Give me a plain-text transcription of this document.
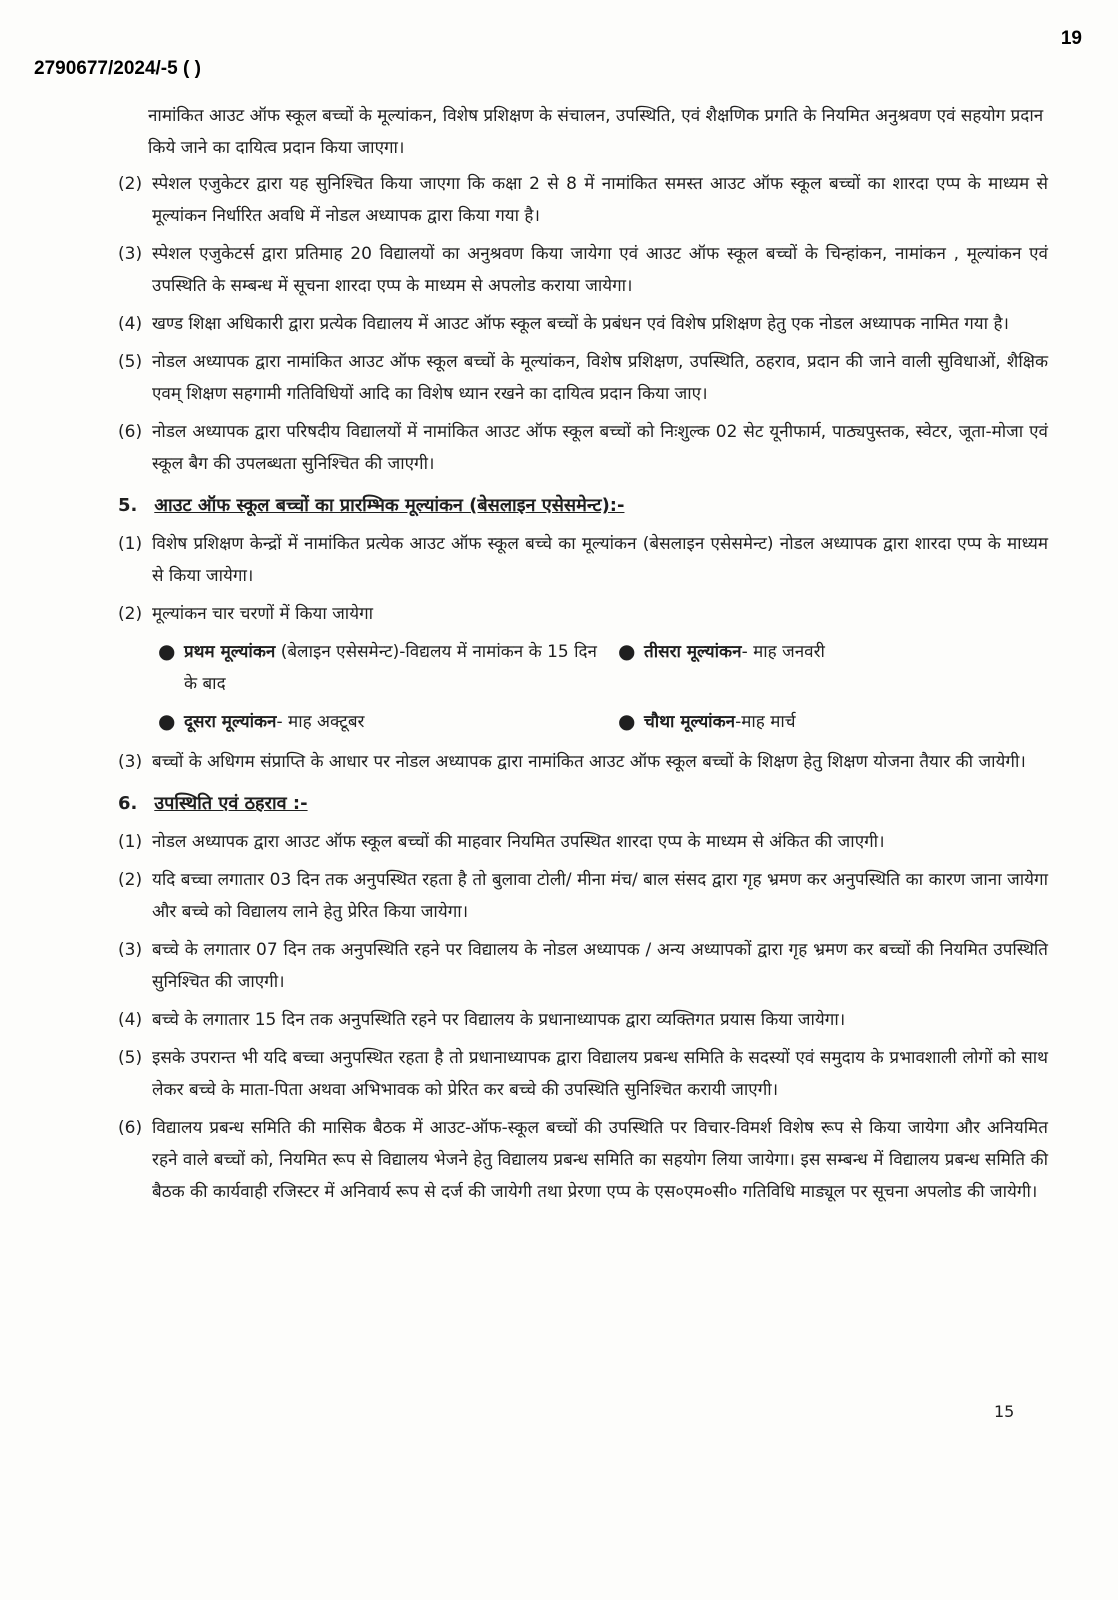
19
2790677/2024/-5 ( )

नामांकित आउट ऑफ स्कूल बच्चों के मूल्यांकन, विशेष प्रशिक्षण के संचालन, उपस्थिति, एवं शैक्षणिक प्रगति के नियमित अनुश्रवण एवं सहयोग प्रदान किये जाने का दायित्व प्रदान किया जाएगा।

(2) स्पेशल एजुकेटर द्वारा यह सुनिश्चित किया जाएगा कि कक्षा 2 से 8 में नामांकित समस्त आउट ऑफ स्कूल बच्चों का शारदा एप्प के माध्यम से मूल्यांकन निर्धारित अवधि में नोडल अध्यापक द्वारा किया गया है।
(3) स्पेशल एजुकेटर्स द्वारा प्रतिमाह 20 विद्यालयों का अनुश्रवण किया जायेगा एवं आउट ऑफ स्कूल बच्चों के चिन्हांकन, नामांकन , मूल्यांकन एवं उपस्थिति के सम्बन्ध में सूचना शारदा एप्प के माध्यम से अपलोड कराया जायेगा।
(4) खण्ड शिक्षा अधिकारी द्वारा प्रत्येक विद्यालय में आउट ऑफ स्कूल बच्चों के प्रबंधन एवं विशेष प्रशिक्षण हेतु एक नोडल अध्यापक नामित गया है।
(5) नोडल अध्यापक द्वारा नामांकित आउट ऑफ स्कूल बच्चों के मूल्यांकन, विशेष प्रशिक्षण, उपस्थिति, ठहराव, प्रदान की जाने वाली सुविधाओं, शैक्षिक एवम् शिक्षण सहगामी गतिविधियों आदि का विशेष ध्यान रखने का दायित्व प्रदान किया जाए।
(6) नोडल अध्यापक द्वारा परिषदीय विद्यालयों में नामांकित आउट ऑफ स्कूल बच्चों को निःशुल्क 02 सेट यूनीफार्म, पाठ्यपुस्तक, स्वेटर, जूता-मोजा एवं स्कूल बैग की उपलब्धता सुनिश्चित की जाएगी।
5. आउट ऑफ स्कूल बच्चों का प्रारम्भिक मूल्यांकन (बेसलाइन एसेसमेन्ट):-
(1) विशेष प्रशिक्षण केन्द्रों में नामांकित प्रत्येक आउट ऑफ स्कूल बच्चे का मूल्यांकन (बेसलाइन एसेसमेन्ट) नोडल अध्यापक द्वारा शारदा एप्प के माध्यम से किया जायेगा।
(2) मूल्यांकन चार चरणों में किया जायेगा
● प्रथम मूल्यांकन (बेलाइन एसेसमेन्ट)-विद्यलय में नामांकन के 15 दिन के बाद
● तीसरा मूल्यांकन- माह जनवरी
● दूसरा मूल्यांकन- माह अक्टूबर	● चौथा मूल्यांकन-माह मार्च
(3) बच्चों के अधिगम संप्राप्ति के आधार पर नोडल अध्यापक द्वारा नामांकित आउट ऑफ स्कूल बच्चों के शिक्षण हेतु शिक्षण योजना तैयार की जायेगी।
6. उपस्थिति एवं ठहराव :-
(1) नोडल अध्यापक द्वारा आउट ऑफ स्कूल बच्चों की माहवार नियमित उपस्थित शारदा एप्प के माध्यम से अंकित की जाएगी।
(2) यदि बच्चा लगातार 03 दिन तक अनुपस्थित रहता है तो बुलावा टोली/ मीना मंच/ बाल संसद द्वारा गृह भ्रमण कर अनुपस्थिति का कारण जाना जायेगा और बच्चे को विद्यालय लाने हेतु प्रेरित किया जायेगा।
(3) बच्चे के लगातार 07 दिन तक अनुपस्थिति रहने पर विद्यालय के नोडल अध्यापक / अन्य अध्यापकों द्वारा गृह भ्रमण कर बच्चों की नियमित उपस्थिति सुनिश्चित की जाएगी।
(4) बच्चे के लगातार 15 दिन तक अनुपस्थिति रहने पर विद्यालय के प्रधानाध्यापक द्वारा व्यक्तिगत प्रयास किया जायेगा।
(5) इसके उपरान्त भी यदि बच्चा अनुपस्थित रहता है तो प्रधानाध्यापक द्वारा विद्यालय प्रबन्ध समिति के सदस्यों एवं समुदाय के प्रभावशाली लोगों को साथ लेकर बच्चे के माता-पिता अथवा अभिभावक को प्रेरित कर बच्चे की उपस्थिति सुनिश्चित करायी जाएगी।
(6) विद्यालय प्रबन्ध समिति की मासिक बैठक में आउट-ऑफ-स्कूल बच्चों की उपस्थिति पर विचार-विमर्श विशेष रूप से किया जायेगा और अनियमित रहने वाले बच्चों को, नियमित रूप से विद्यालय भेजने हेतु विद्यालय प्रबन्ध समिति का सहयोग लिया जायेगा। इस सम्बन्ध में विद्यालय प्रबन्ध समिति की बैठक की कार्यवाही रजिस्टर में अनिवार्य रूप से दर्ज की जायेगी तथा प्रेरणा एप्प के एस०एम०सी० गतिविधि माड्यूल पर सूचना अपलोड की जायेगी।
15
